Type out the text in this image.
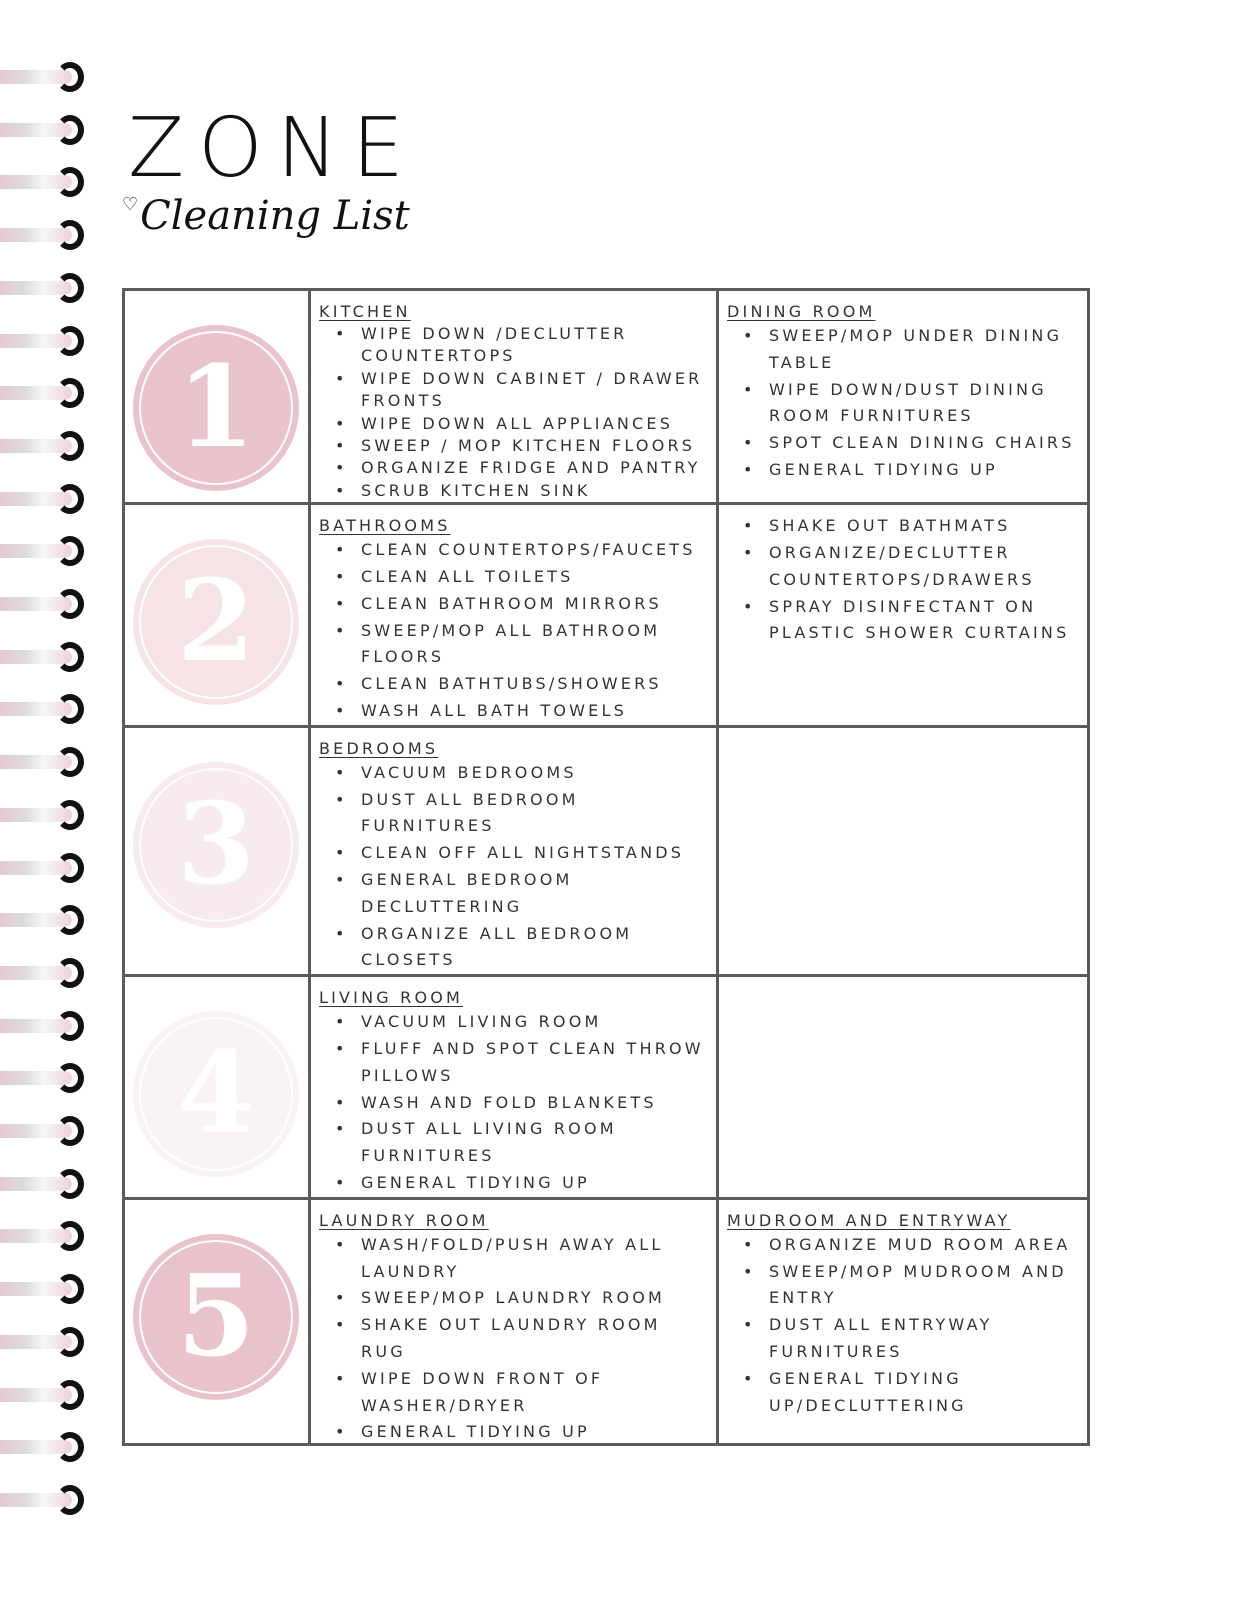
ZONE
♡Cleaning List
1
KITCHEN
• WIPE DOWN /DECLUTTER COUNTERTOPS
• WIPE DOWN CABINET / DRAWER FRONTS
• WIPE DOWN ALL APPLIANCES
• SWEEP / MOP KITCHEN FLOORS
• ORGANIZE FRIDGE AND PANTRY
• SCRUB KITCHEN SINK
DINING ROOM
• SWEEP/MOP UNDER DINING TABLE
• WIPE DOWN/DUST DINING ROOM FURNITURES
• SPOT CLEAN DINING CHAIRS
• GENERAL TIDYING UP
2
BATHROOMS
• CLEAN COUNTERTOPS/FAUCETS
• CLEAN ALL TOILETS
• CLEAN BATHROOM MIRRORS
• SWEEP/MOP ALL BATHROOM FLOORS
• CLEAN BATHTUBS/SHOWERS
• WASH ALL BATH TOWELS
• SHAKE OUT BATHMATS
• ORGANIZE/DECLUTTER COUNTERTOPS/DRAWERS
• SPRAY DISINFECTANT ON PLASTIC SHOWER CURTAINS
3
BEDROOMS
• VACUUM BEDROOMS
• DUST ALL BEDROOM FURNITURES
• CLEAN OFF ALL NIGHTSTANDS
• GENERAL BEDROOM DECLUTTERING
• ORGANIZE ALL BEDROOM CLOSETS
4
LIVING ROOM
• VACUUM LIVING ROOM
• FLUFF AND SPOT CLEAN THROW PILLOWS
• WASH AND FOLD BLANKETS
• DUST ALL LIVING ROOM FURNITURES
• GENERAL TIDYING UP
5
LAUNDRY ROOM
• WASH/FOLD/PUSH AWAY ALL LAUNDRY
• SWEEP/MOP LAUNDRY ROOM
• SHAKE OUT LAUNDRY ROOM RUG
• WIPE DOWN FRONT OF WASHER/DRYER
• GENERAL TIDYING UP
MUDROOM AND ENTRYWAY
• ORGANIZE MUD ROOM AREA
• SWEEP/MOP MUDROOM AND ENTRY
• DUST ALL ENTRYWAY FURNITURES
• GENERAL TIDYING UP/DECLUTTERING
